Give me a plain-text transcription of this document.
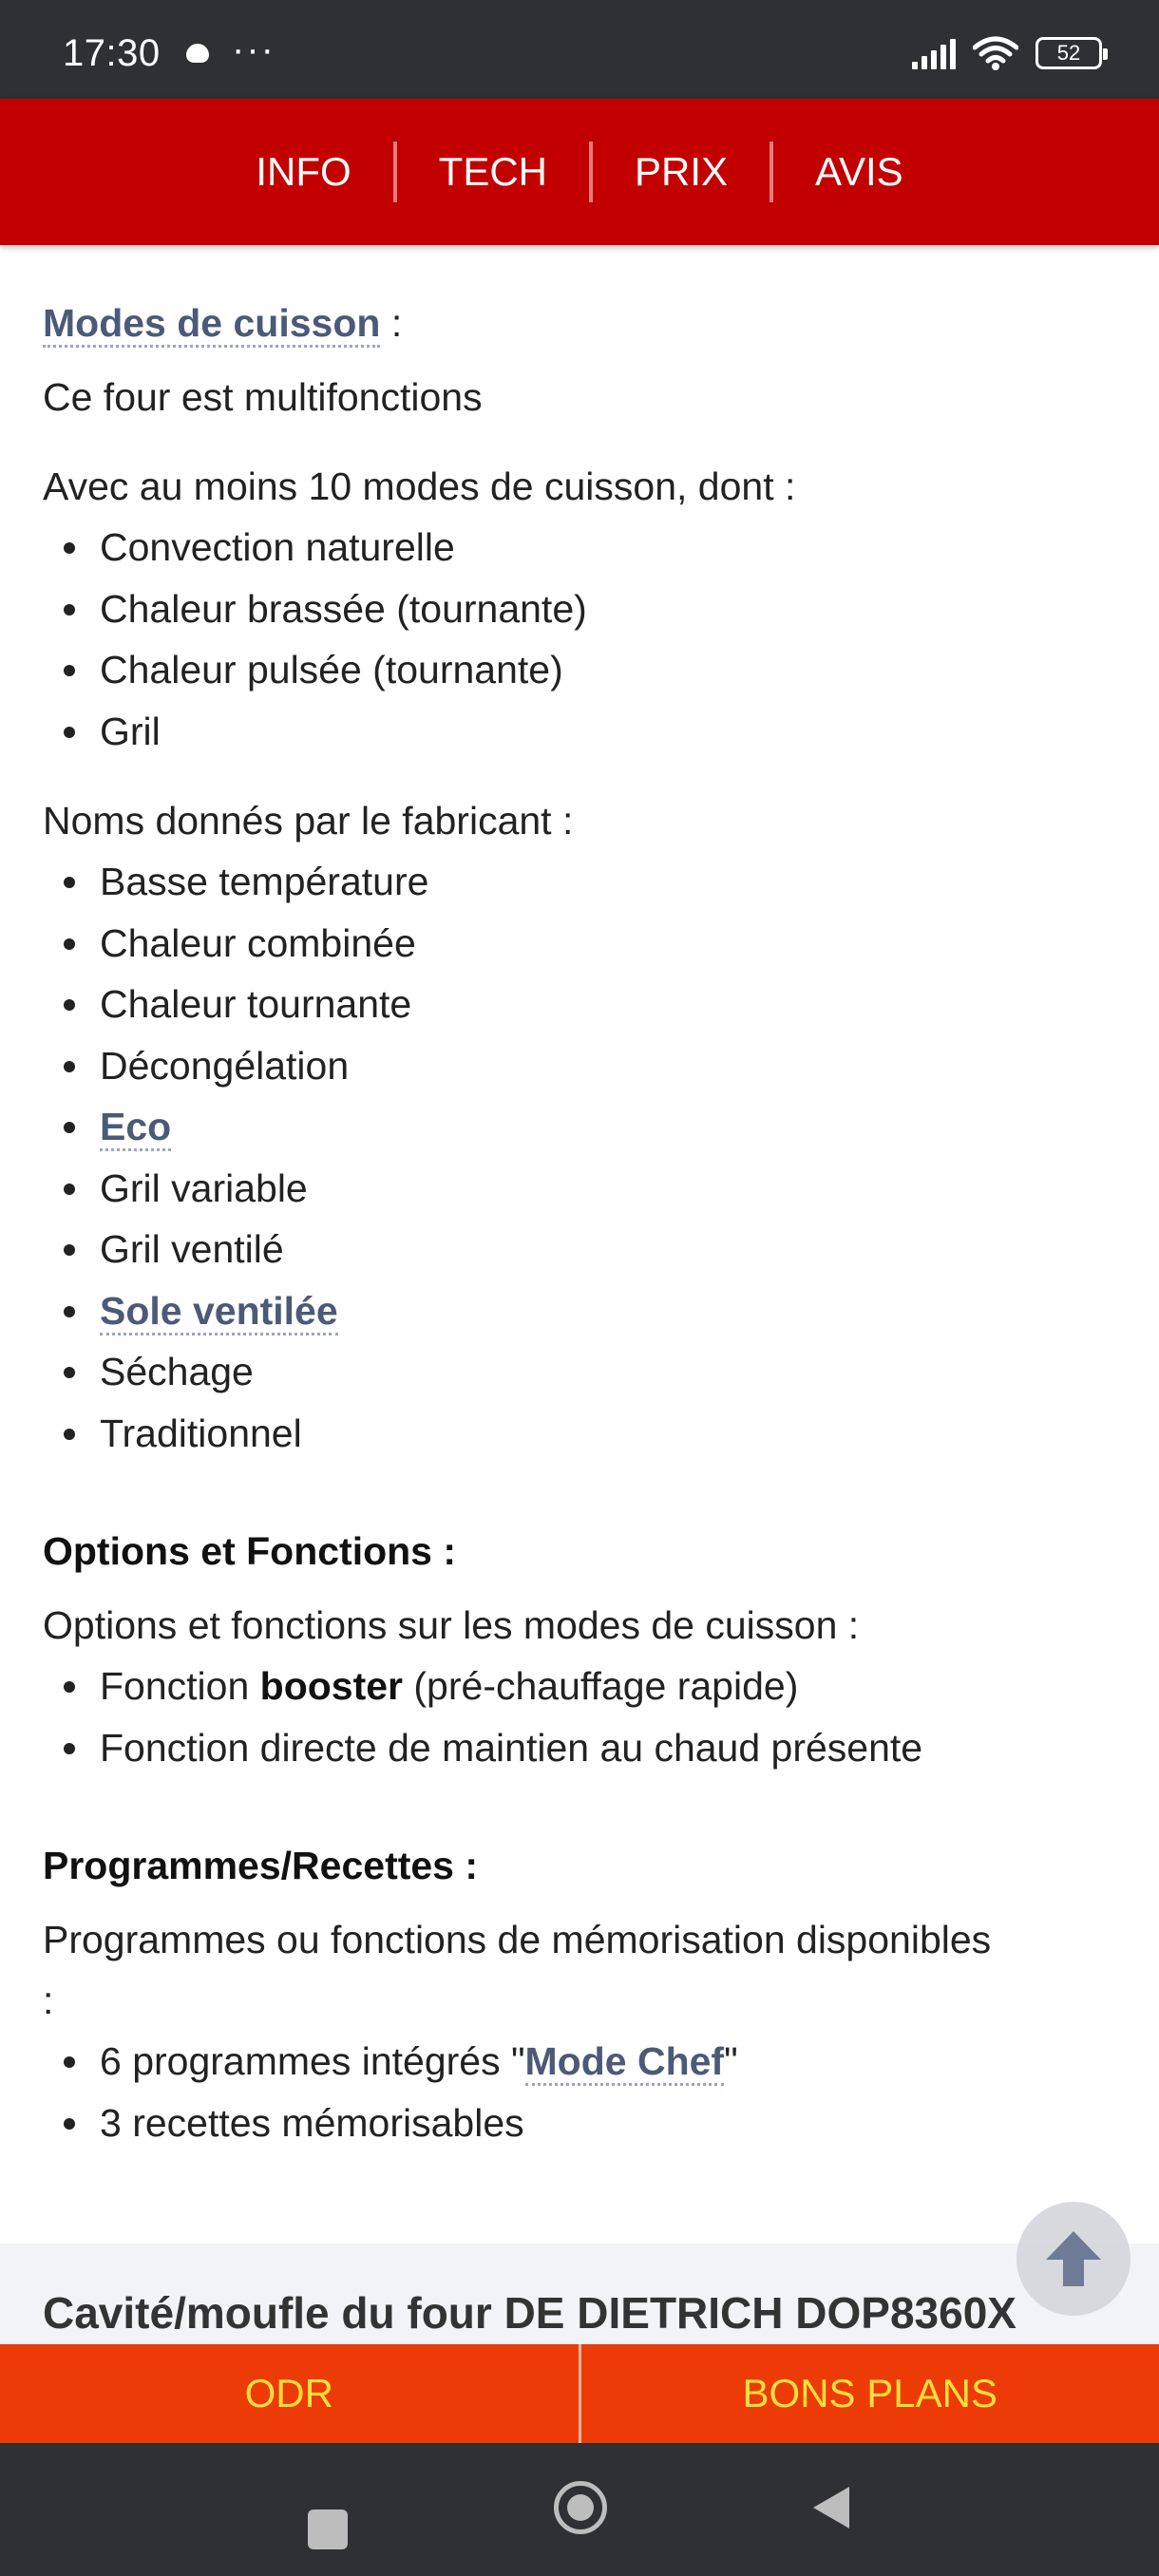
17:30 ···	52
INFO	TECH	PRIX	AVIS
Modes de cuisson :
Ce four est multifonctions
Avec au moins 10 modes de cuisson, dont :
Convection naturelle
Chaleur brassée (tournante)
Chaleur pulsée (tournante)
Gril
Noms donnés par le fabricant :
Basse température
Chaleur combinée
Chaleur tournante
Décongélation
Eco
Gril variable
Gril ventilé
Sole ventilée
Séchage
Traditionnel
Options et Fonctions :
Options et fonctions sur les modes de cuisson :
Fonction booster (pré-chauffage rapide)
Fonction directe de maintien au chaud présente
Programmes/Recettes :
Programmes ou fonctions de mémorisation disponibles :
6 programmes intégrés "Mode Chef"
3 recettes mémorisables
Cavité/moufle du four DE DIETRICH DOP8360X
ODR	BONS PLANS
